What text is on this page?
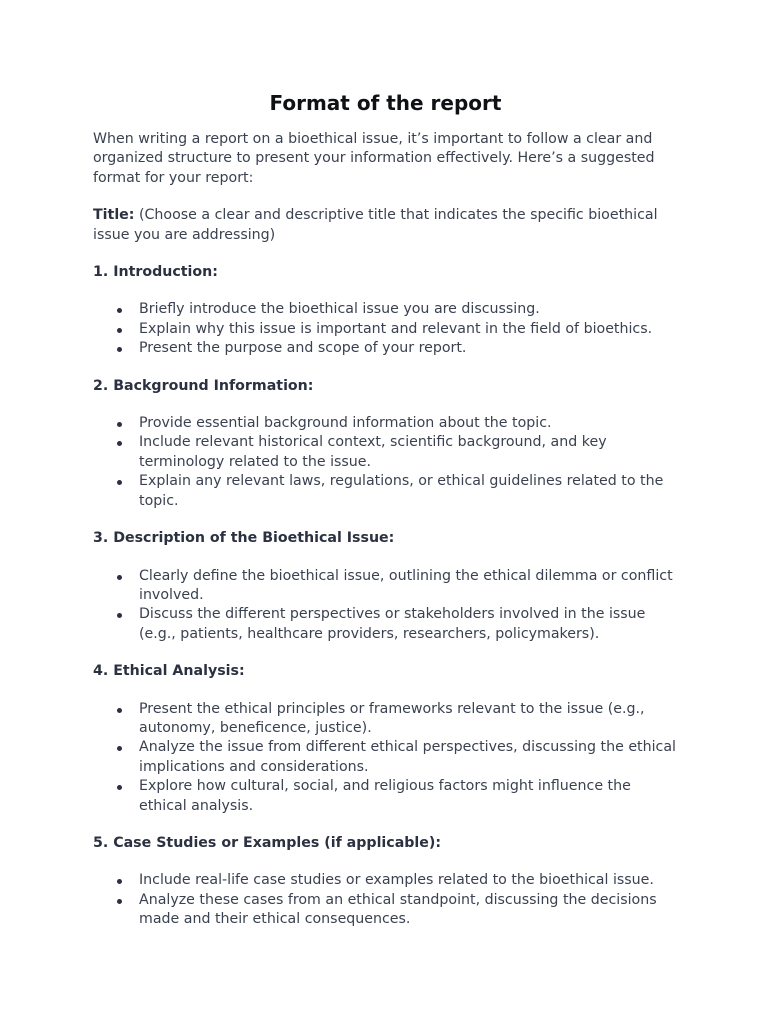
Format of the report

When writing a report on a bioethical issue, it’s important to follow a clear and organized structure to present your information effectively. Here’s a suggested format for your report:

Title: (Choose a clear and descriptive title that indicates the specific bioethical issue you are addressing)

1. Introduction:

Briefly introduce the bioethical issue you are discussing.
Explain why this issue is important and relevant in the field of bioethics.
Present the purpose and scope of your report.

2. Background Information:

Provide essential background information about the topic.
Include relevant historical context, scientific background, and key terminology related to the issue.
Explain any relevant laws, regulations, or ethical guidelines related to the topic.

3. Description of the Bioethical Issue:

Clearly define the bioethical issue, outlining the ethical dilemma or conflict involved.
Discuss the different perspectives or stakeholders involved in the issue (e.g., patients, healthcare providers, researchers, policymakers).

4. Ethical Analysis:

Present the ethical principles or frameworks relevant to the issue (e.g., autonomy, beneficence, justice).
Analyze the issue from different ethical perspectives, discussing the ethical implications and considerations.
Explore how cultural, social, and religious factors might influence the ethical analysis.

5. Case Studies or Examples (if applicable):

Include real-life case studies or examples related to the bioethical issue.
Analyze these cases from an ethical standpoint, discussing the decisions made and their ethical consequences.
